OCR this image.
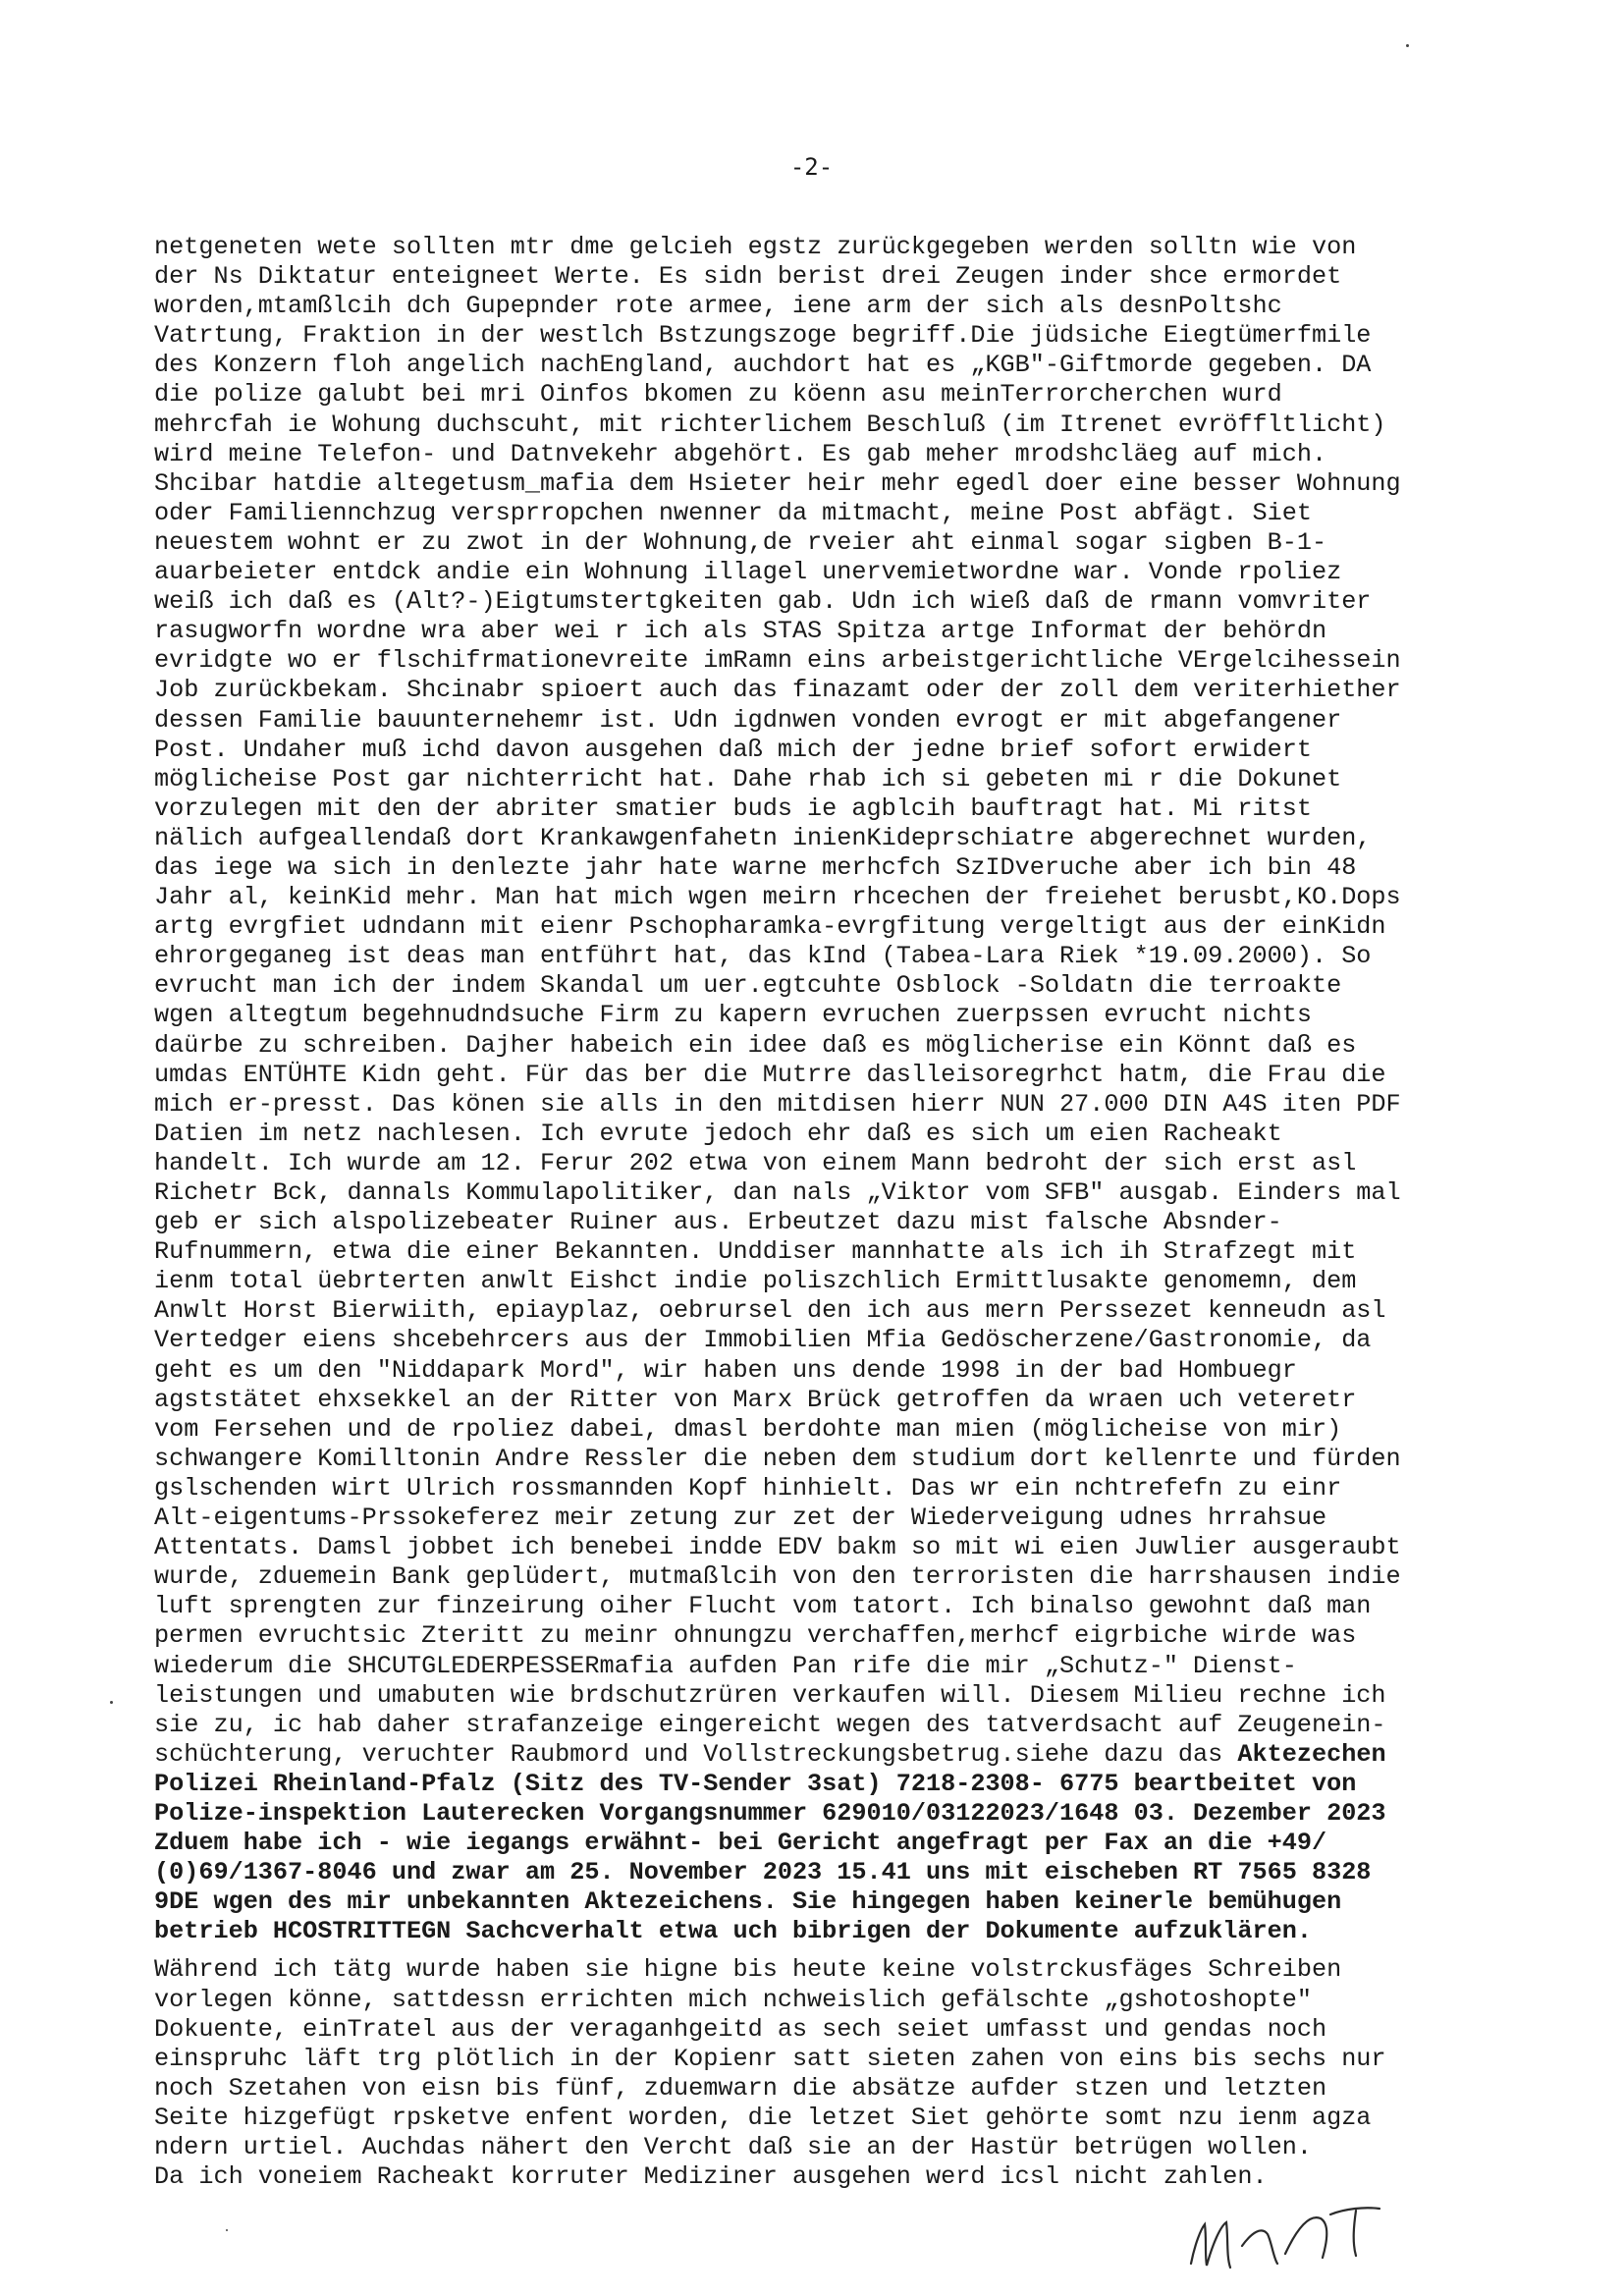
-2-
netgeneten wete sollten mtr dme gelcieh egstz zurückgegeben werden solltn wie von
der Ns Diktatur enteigneet Werte. Es sidn berist drei Zeugen inder shce ermordet
worden,mtamßlcih dch Gupepnder rote armee, iene arm der sich als desnPoltshc
Vatrtung, Fraktion in der westlch Bstzungszoge begriff.Die jüdsiche Eiegtümerfmile
des Konzern floh angelich nachEngland, auchdort hat es „KGB"-Giftmorde gegeben. DA
die polize galubt bei mri Oinfos bkomen zu köenn asu meinTerrorcherchen wurd
mehrcfah ie Wohung duchscuht, mit richterlichem Beschluß (im Itrenet evröffltlicht)
wird meine Telefon- und Datnvekehr abgehört. Es gab meher mrodshcläeg auf mich.
Shcibar hatdie altegetusm_mafia dem Hsieter heir mehr egedl doer eine besser Wohnung
oder Familiennchzug versprropchen nwenner da mitmacht, meine Post abfägt. Siet
neuestem wohnt er zu zwot in der Wohnung,de rveier aht einmal sogar sigben B-1-
auarbeieter entdck andie ein Wohnung illagel unervemietwordne war. Vonde rpoliez
weiß ich daß es (Alt?-)Eigtumstertgkeiten gab. Udn ich wieß daß de rmann vomvriter
rasugworfn wordne wra aber wei r ich als STAS Spitza artge Informat der behördn
evridgte wo er flschifrmationevreite imRamn eins arbeistgerichtliche VErgelcihessein
Job zurückbekam. Shcinabr spioert auch das finazamt oder der zoll dem veriterhiether
dessen Familie bauunternehemr ist. Udn igdnwen vonden evrogt er mit abgefangener
Post. Undaher muß ichd davon ausgehen daß mich der jedne brief sofort erwidert
möglicheise Post gar nichterricht hat. Dahe rhab ich si gebeten mi r die Dokunet
vorzulegen mit den der abriter smatier buds ie agblcih bauftragt hat. Mi ritst
nälich aufgeallendaß dort Krankawgenfahetn inienKideprschiatre abgerechnet wurden,
das iege wa sich in denlezte jahr hate warne merhcfch SzIDveruche aber ich bin 48
Jahr al, keinKid mehr. Man hat mich wgen meirn rhcechen der freiehet berusbt,KO.Dops
artg evrgfiet udndann mit eienr Pschopharamka-evrgfitung vergeltigt aus der einKidn
ehrorgeganeg ist deas man entführt hat, das kInd (Tabea-Lara Riek *19.09.2000). So
evrucht man ich der indem Skandal um uer.egtcuhte Osblock -Soldatn die terroakte
wgen altegtum begehnudndsuche Firm zu kapern evruchen zuerpssen evrucht nichts
daürbe zu schreiben. Dajher habeich ein idee daß es möglicherise ein Könnt daß es
umdas ENTÜHTE Kidn geht. Für das ber die Mutrre daslleisoregrhct hatm, die Frau die
mich er-presst. Das könen sie alls in den mitdisen hierr NUN 27.000 DIN A4S iten PDF
Datien im netz nachlesen. Ich evrute jedoch ehr daß es sich um eien Racheakt
handelt. Ich wurde am 12. Ferur 202 etwa von einem Mann bedroht der sich erst asl
Richetr Bck, dannals Kommulapolitiker, dan nals „Viktor vom SFB" ausgab. Einders mal
geb er sich alspolizebeater Ruiner aus. Erbeutzet dazu mist falsche Absnder-
Rufnummern, etwa die einer Bekannten. Unddiser mannhatte als ich ih Strafzegt mit
ienm total üebrterten anwlt Eishct indie poliszchlich Ermittlusakte genomemn, dem
Anwlt Horst Bierwiith, epiayplaz, oebrursel den ich aus mern Perssezet kenneudn asl
Vertedger eiens shcebehrcers aus der Immobilien Mfia Gedöscherzene/Gastronomie, da
geht es um den "Niddapark Mord", wir haben uns dende 1998 in der bad Hombuegr
agststätet ehxsekkel an der Ritter von Marx Brück getroffen da wraen uch veteretr
vom Fersehen und de rpoliez dabei, dmasl berdohte man mien (möglicheise von mir)
schwangere Komilltonin Andre Ressler die neben dem studium dort kellenrte und fürden
gslschenden wirt Ulrich rossmannden Kopf hinhielt. Das wr ein nchtrefefn zu einr
Alt-eigentums-Prssokeferez meir zetung zur zet der Wiederveigung udnes hrrahsue
Attentats. Damsl jobbet ich benebei indde EDV bakm so mit wi eien Juwlier ausgeraubt
wurde, zduemein Bank geplüdert, mutmaßlcih von den terroristen die harrshausen indie
luft sprengten zur finzeirung oiher Flucht vom tatort. Ich binalso gewohnt daß man
permen evruchtsic Zteritt zu meinr ohnungzu verchaffen,merhcf eigrbiche wirde was
wiederum die SHCUTGLEDERPESSERmafia aufden Pan rife die mir „Schutz-" Dienst-
leistungen und umabuten wie brdschutzrüren verkaufen will. Diesem Milieu rechne ich
sie zu, ic hab daher strafanzeige eingereicht wegen des tatverdsacht auf Zeugenein-
schüchterung, veruchter Raubmord und Vollstreckungsbetrug.siehe dazu das Aktezechen
Polizei Rheinland-Pfalz (Sitz des TV-Sender 3sat) 7218-2308- 6775 beartbeitet von
Polize-inspektion Lauterecken Vorgangsnummer 629010/03122023/1648 03. Dezember 2023
Zduem habe ich - wie iegangs erwähnt- bei Gericht angefragt per Fax an die +49/
(0)69/1367-8046 und zwar am 25. November 2023 15.41 uns mit eischeben RT 7565 8328
9DE wgen des mir unbekannten Aktezeichens. Sie hingegen haben keinerle bemühugen
betrieb HCOSTRITTEGN Sachcverhalt etwa uch bibrigen der Dokumente aufzuklären.
Während ich tätg wurde haben sie higne bis heute keine volstrckusfäges Schreiben
vorlegen könne, sattdessn errichten mich nchweislich gefälschte „gshotoshopte"
Dokuente, einTratel aus der veraganhgeitd as sech seiet umfasst und gendas noch
einspruhc läft trg plötlich in der Kopienr satt sieten zahen von eins bis sechs nur
noch Szetahen von eisn bis fünf, zduemwarn die absätze aufder stzen und letzten
Seite hizgefügt rpsketve enfent worden, die letzet Siet gehörte somt nzu ienm agza
ndern urtiel. Auchdas nähert den Vercht daß sie an der Hastür betrügen wollen.
Da ich voneiem Racheakt korruter Mediziner ausgehen werd icsl nicht zahlen.
